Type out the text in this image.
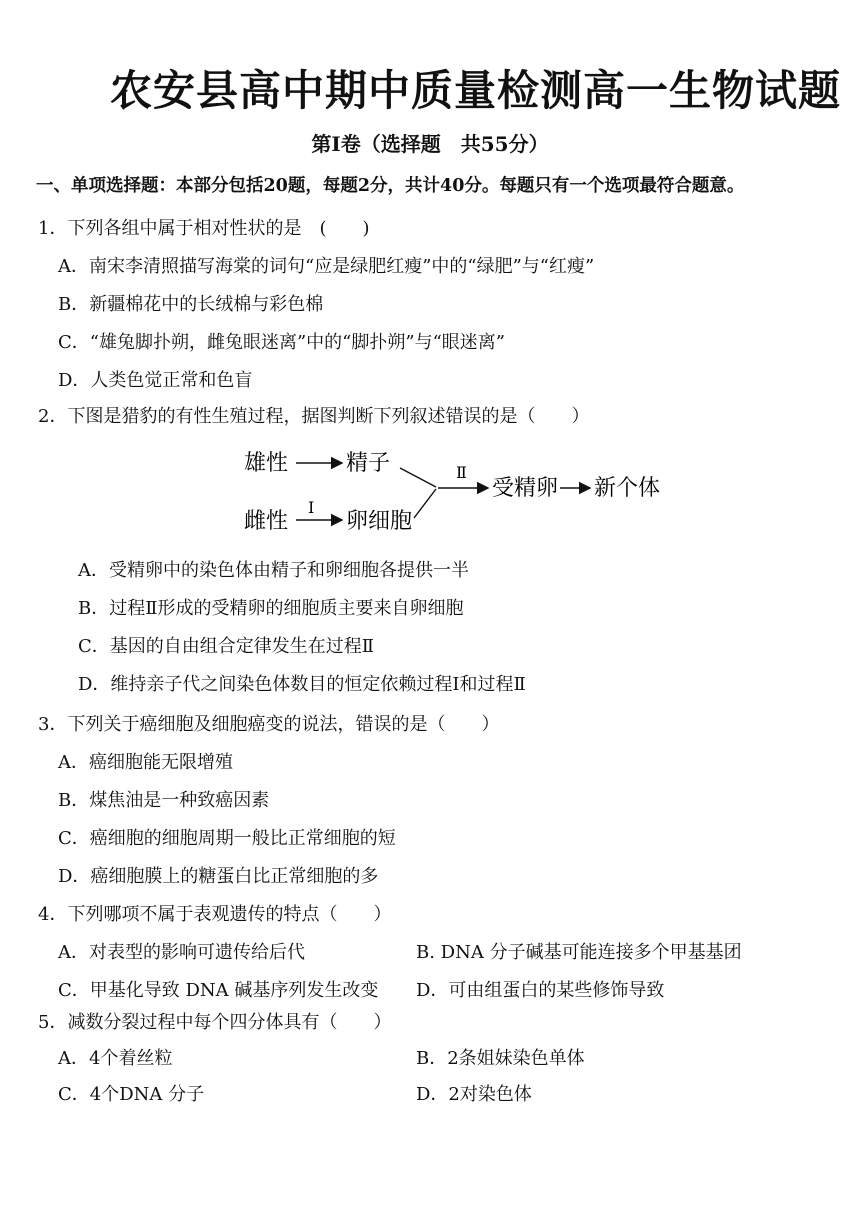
农安县高中期中质量检测高一生物试题
第Ⅰ卷（选择题　共55分）
一、单项选择题：本部分包括20题，每题2分，共计40分。每题只有一个选项最符合题意。
1．下列各组中属于相对性状的是　(　　)
A．南宋李清照描写海棠的词句“应是绿肥红瘦”中的“绿肥”与“红瘦”
B．新疆棉花中的长绒棉与彩色棉
C．“雄兔脚扑朔，雌兔眼迷离”中的“脚扑朔”与“眼迷离”
D．人类色觉正常和色盲
2．下图是猎豹的有性生殖过程，据图判断下列叙述错误的是（　　）
雄性	精子
雌性
Ⅰ
卵细胞
Ⅱ
受精卵 新个体
A．受精卵中的染色体由精子和卵细胞各提供一半
B．过程Ⅱ形成的受精卵的细胞质主要来自卵细胞
C．基因的自由组合定律发生在过程Ⅱ
D．维持亲子代之间染色体数目的恒定依赖过程Ⅰ和过程Ⅱ
3．下列关于癌细胞及细胞癌变的说法，错误的是（　　）
A．癌细胞能无限增殖
B．煤焦油是一种致癌因素
C．癌细胞的细胞周期一般比正常细胞的短
D．癌细胞膜上的糖蛋白比正常细胞的多
4．下列哪项不属于表观遗传的特点（　　）
A．对表型的影响可遗传给后代	B. DNA 分子碱基可能连接多个甲基基团
C．甲基化导致 DNA 碱基序列发生改变 D．可由组蛋白的某些修饰导致
5．减数分裂过程中每个四分体具有（　　）
A．4个着丝粒	B．2条姐妹染色单体
C．4个DNA 分子	D．2对染色体
